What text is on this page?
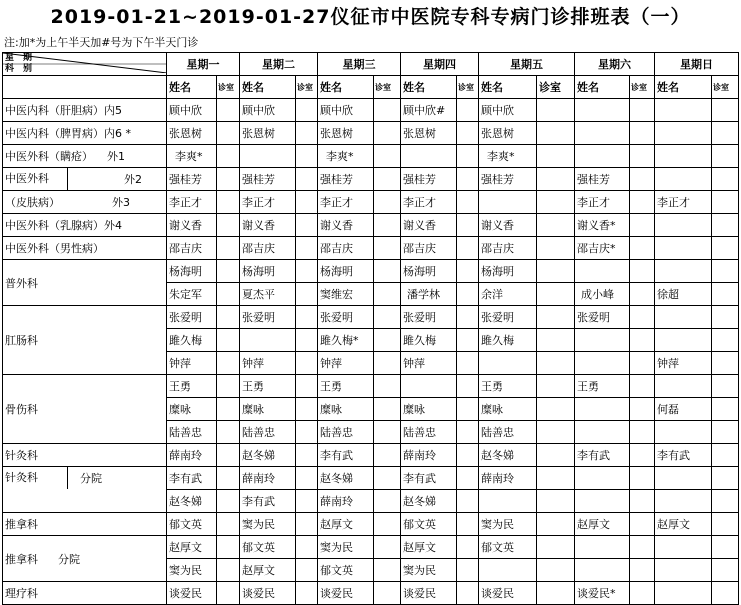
2019-01-21~2019-01-27仪征市中医院专科专病门诊排班表（一）
注:加*为上午半天加#号为下午半天门诊
星　期
科　别	星期一		星期二		星期三		星期四		星期五		星期六		星期日	
	姓名	诊室	姓名	诊室	姓名	诊室	姓名	诊室	姓名	诊室	姓名	诊室	姓名	诊室
中医内科（肝胆病）内5	顾中欣		顾中欣		顾中欣		顾中欣#		顾中欣					
中医内科（脾胃病）内6 *	张恩树		张恩树		张恩树		张恩树		张恩树					
中医外科（瞒疮） 外1	李爽*				李爽*				李爽*					

中医外科 外2	强桂芳		强桂芳		强桂芳		强桂芳		强桂芳		强桂芳			
（皮肤病） 外3	李正才		李正才		李正才		李正才				李正才		李正才	
中医外科（乳腺病）外4	谢义香		谢义香		谢义香		谢义香		谢义香		谢义香*			
中医外科（男性病）	邵吉庆		邵吉庆		邵吉庆		邵吉庆		邵吉庆		邵吉庆*			
普外科	杨海明		杨海明		杨海明		杨海明		杨海明					
	朱定军		夏杰平		窦维宏		潘学林		余洋		成小峰		徐超	
肛肠科	张爱明		张爱明		张爱明		张爱明		张爱明		张爱明			
	雎久梅				雎久梅*		雎久梅		雎久梅					
	钟萍		钟萍		钟萍		钟萍						钟萍	
骨伤科	王勇		王勇		王勇				王勇		王勇			
	糜咏		糜咏		糜咏		糜咏		糜咏				何磊	
	陆善忠		陆善忠		陆善忠		陆善忠		陆善忠					
针灸科	薛南玲		赵冬娣		李有武		薛南玲		赵冬娣		李有武		李有武	

针灸科 分院	李有武		薛南玲		赵冬娣		李有武		薛南玲					
	赵冬娣		李有武		薛南玲		赵冬娣							
推拿科	郁文英		窦为民		赵厚文		郁文英		窦为民		赵厚文		赵厚文	
推拿科 分院	赵厚文		郁文英		窦为民		赵厚文		郁文英					
	窦为民		赵厚文		郁文英		窦为民							
理疗科	谈爱民		谈爱民		谈爱民		谈爱民		谈爱民		谈爱民*			
